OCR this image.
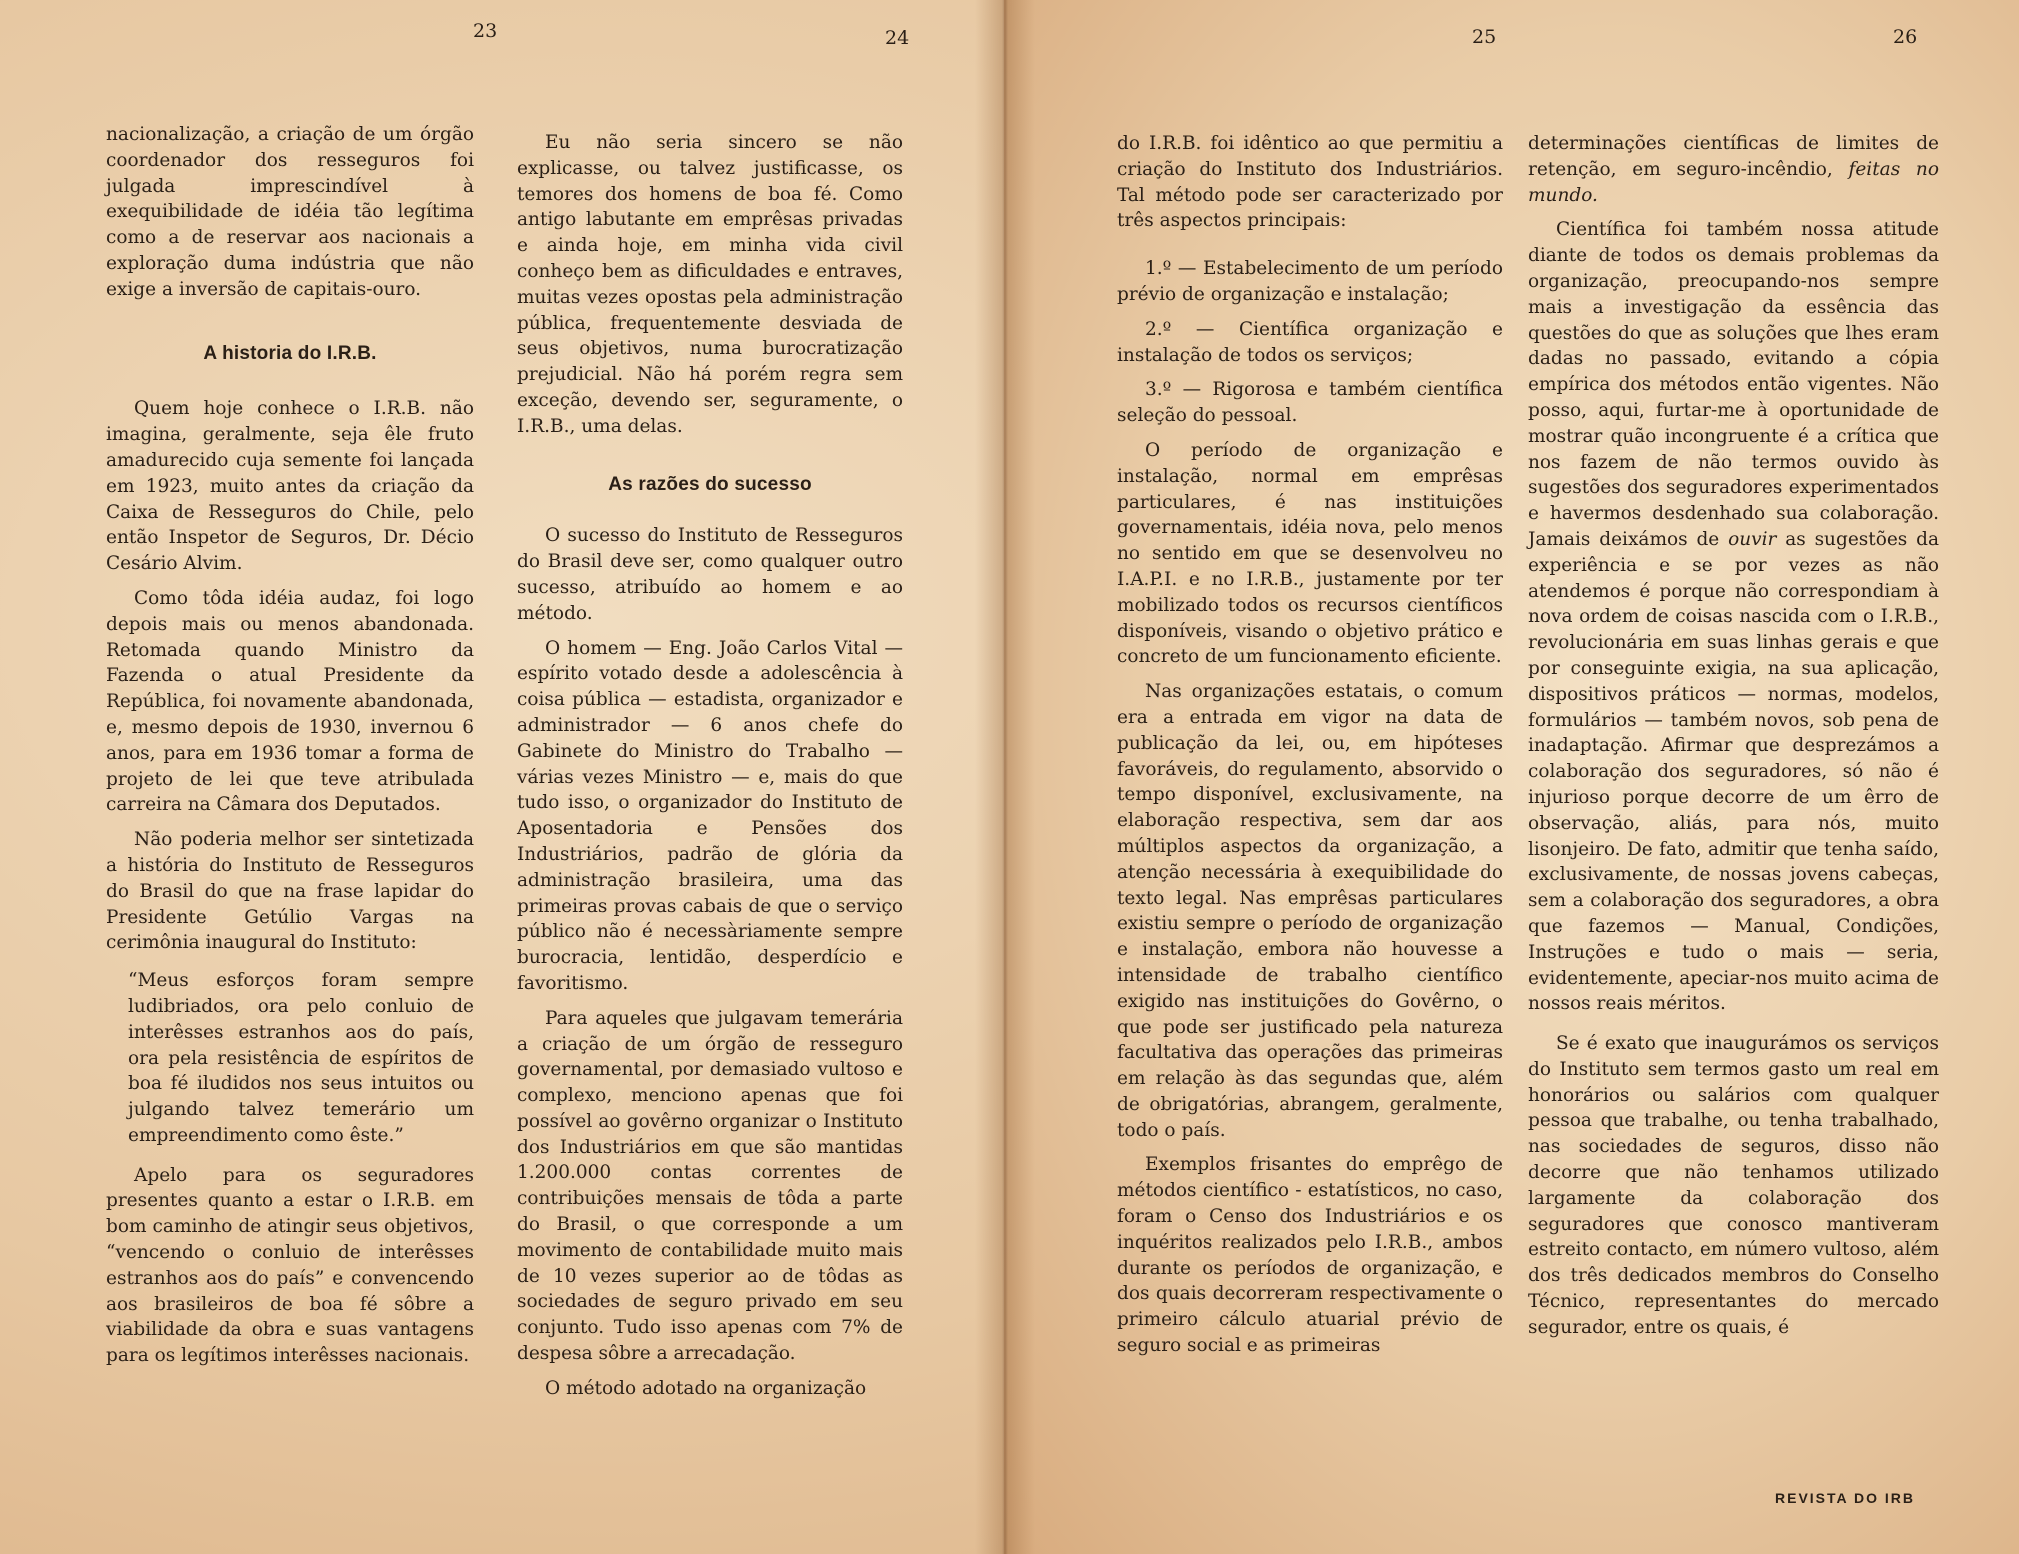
23	24	25	26

nacionalização, a criação de um órgão coordenador dos resseguros foi julgada imprescindível à exequibilidade de idéia tão legítima como a de reservar aos nacionais a exploração duma indústria que não exige a inversão de capitais-ouro.

A historia do I.R.B.

Quem hoje conhece o I.R.B. não imagina, geralmente, seja êle fruto amadurecido cuja semente foi lançada em 1923, muito antes da criação da Caixa de Resseguros do Chile, pelo então Inspetor de Seguros, Dr. Décio Cesário Alvim.

Como tôda idéia audaz, foi logo depois mais ou menos abandonada. Retomada quando Ministro da Fazenda o atual Presidente da República, foi novamente abandonada, e, mesmo depois de 1930, invernou 6 anos, para em 1936 tomar a forma de projeto de lei que teve atribulada carreira na Câmara dos Deputados.

Não poderia melhor ser sintetizada a história do Instituto de Resseguros do Brasil do que na frase lapidar do Presidente Getúlio Vargas na cerimônia inaugural do Instituto:

“Meus esforços foram sempre ludibriados, ora pelo conluio de interêsses estranhos aos do país, ora pela resistência de espíritos de boa fé iludidos nos seus intuitos ou julgando talvez temerário um empreendimento como êste.”

Apelo para os seguradores presentes quanto a estar o I.R.B. em bom caminho de atingir seus objetivos, “vencendo o conluio de interêsses estranhos aos do país” e convencendo aos brasileiros de boa fé sôbre a viabilidade da obra e suas vantagens para os legítimos interêsses nacionais.

Eu não seria sincero se não explicasse, ou talvez justificasse, os temores dos homens de boa fé. Como antigo labutante em emprêsas privadas e ainda hoje, em minha vida civil conheço bem as dificuldades e entraves, muitas vezes opostas pela administração pública, frequentemente desviada de seus objetivos, numa burocratização prejudicial. Não há porém regra sem exceção, devendo ser, seguramente, o I.R.B., uma delas.

As razões do sucesso

O sucesso do Instituto de Resseguros do Brasil deve ser, como qualquer outro sucesso, atribuído ao homem e ao método.

O homem — Eng. João Carlos Vital — espírito votado desde a adolescência à coisa pública — estadista, organizador e administrador — 6 anos chefe do Gabinete do Ministro do Trabalho — várias vezes Ministro — e, mais do que tudo isso, o organizador do Instituto de Aposentadoria e Pensões dos Industriários, padrão de glória da administração brasileira, uma das primeiras provas cabais de que o serviço público não é necessàriamente sempre burocracia, lentidão, desperdício e favoritismo.

Para aqueles que julgavam temerária a criação de um órgão de resseguro governamental, por demasiado vultoso e complexo, menciono apenas que foi possível ao govêrno organizar o Instituto dos Industriários em que são mantidas 1.200.000 contas correntes de contribuições mensais de tôda a parte do Brasil, o que corresponde a um movimento de contabilidade muito mais de 10 vezes superior ao de tôdas as sociedades de seguro privado em seu conjunto. Tudo isso apenas com 7% de despesa sôbre a arrecadação.

O método adotado na organização

do I.R.B. foi idêntico ao que permitiu a criação do Instituto dos Industriários. Tal método pode ser caracterizado por três aspectos principais:

1.º — Estabelecimento de um período prévio de organização e instalação;

2.º — Científica organização e instalação de todos os serviços;

3.º — Rigorosa e também científica seleção do pessoal.

O período de organização e instalação, normal em emprêsas particulares, é nas instituições governamentais, idéia nova, pelo menos no sentido em que se desenvolveu no I.A.P.I. e no I.R.B., justamente por ter mobilizado todos os recursos científicos disponíveis, visando o objetivo prático e concreto de um funcionamento eficiente.

Nas organizações estatais, o comum era a entrada em vigor na data de publicação da lei, ou, em hipóteses favoráveis, do regulamento, absorvido o tempo disponível, exclusivamente, na elaboração respectiva, sem dar aos múltiplos aspectos da organização, a atenção necessária à exequibilidade do texto legal. Nas emprêsas particulares existiu sempre o período de organização e instalação, embora não houvesse a intensidade de trabalho científico exigido nas instituições do Govêrno, o que pode ser justificado pela natureza facultativa das operações das primeiras em relação às das segundas que, além de obrigatórias, abrangem, geralmente, todo o país.

Exemplos frisantes do emprêgo de métodos científico - estatísticos, no caso, foram o Censo dos Industriários e os inquéritos realizados pelo I.R.B., ambos durante os períodos de organização, e dos quais decorreram respectivamente o primeiro cálculo atuarial prévio de seguro social e as primeiras

determinações científicas de limites de retenção, em seguro-incêndio, feitas no mundo.

Científica foi também nossa atitude diante de todos os demais problemas da organização, preocupando-nos sempre mais a investigação da essência das questões do que as soluções que lhes eram dadas no passado, evitando a cópia empírica dos métodos então vigentes. Não posso, aqui, furtar-me à oportunidade de mostrar quão incongruente é a crítica que nos fazem de não termos ouvido às sugestões dos seguradores experimentados e havermos desdenhado sua colaboração. Jamais deixámos de ouvir as sugestões da experiência e se por vezes as não atendemos é porque não correspondiam à nova ordem de coisas nascida com o I.R.B., revolucionária em suas linhas gerais e que por conseguinte exigia, na sua aplicação, dispositivos práticos — normas, modelos, formulários — também novos, sob pena de inadaptação. Afirmar que desprezámos a colaboração dos seguradores, só não é injurioso porque decorre de um êrro de observação, aliás, para nós, muito lisonjeiro. De fato, admitir que tenha saído, exclusivamente, de nossas jovens cabeças, sem a colaboração dos seguradores, a obra que fazemos — Manual, Condições, Instruções e tudo o mais — seria, evidentemente, apeciar-nos muito acima de nossos reais méritos.

Se é exato que inaugurámos os serviços do Instituto sem termos gasto um real em honorários ou salários com qualquer pessoa que trabalhe, ou tenha trabalhado, nas sociedades de seguros, disso não decorre que não tenhamos utilizado largamente da colaboração dos seguradores que conosco mantiveram estreito contacto, em número vultoso, além dos três dedicados membros do Conselho Técnico, representantes do mercado segurador, entre os quais, é

REVISTA DO IRB
